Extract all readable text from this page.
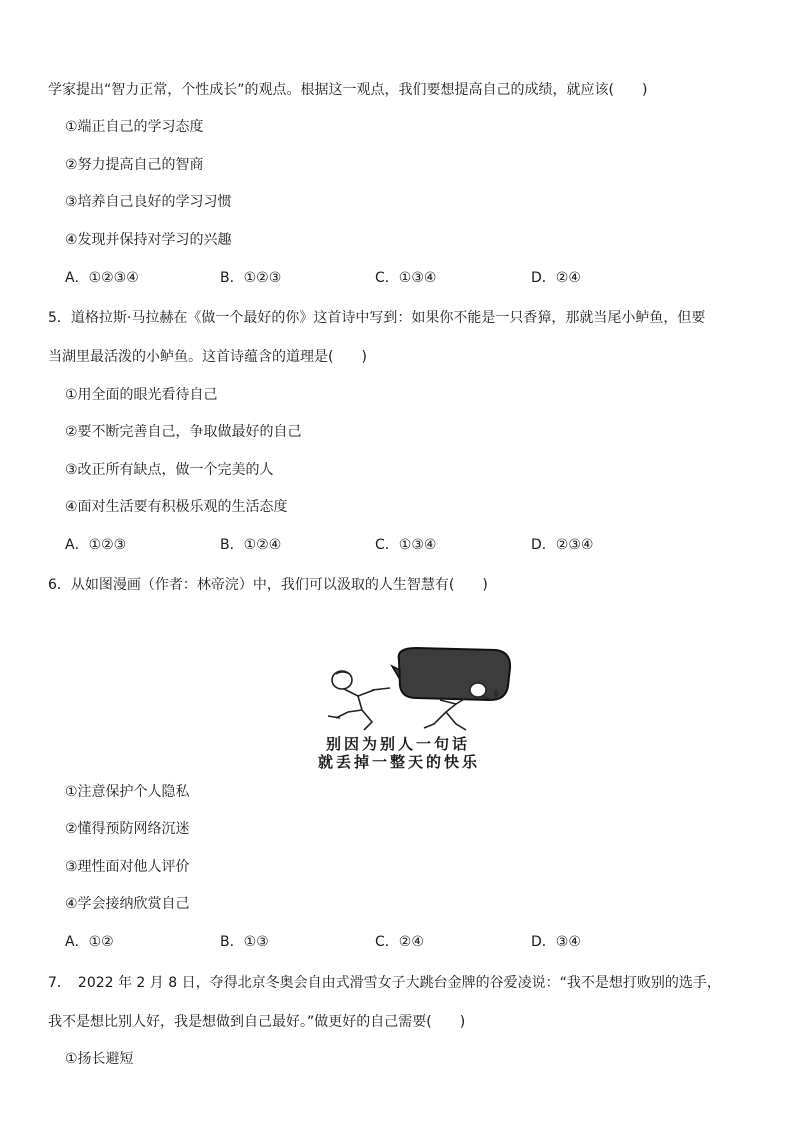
学家提出“智力正常，个性成长”的观点。根据这一观点，我们要想提高自己的成绩，就应该(　　)
①端正自己的学习态度
②努力提高自己的智商
③培养自己良好的学习习惯
④发现并保持对学习的兴趣
A．①②③④	B．①②③	C．①③④	D．②④
5．道格拉斯·马拉赫在《做一个最好的你》这首诗中写到：如果你不能是一只香獐，那就当尾小鲈鱼，但要
当湖里最活泼的小鲈鱼。这首诗蕴含的道理是(　　)
①用全面的眼光看待自己
②要不断完善自己，争取做最好的自己
③改正所有缺点，做一个完美的人
④面对生活要有积极乐观的生活态度
A．①②③	B．①②④	C．①③④	D．②③④
6．从如图漫画（作者：林帝浣）中，我们可以汲取的人生智慧有(　　)
别因为别人一句话
就丢掉一整天的快乐
①注意保护个人隐私
②懂得预防网络沉迷
③理性面对他人评价
④学会接纳欣赏自己
A．①②	B．①③	C．②④	D．③④
7．　2022 年 2 月 8 日，夺得北京冬奥会自由式滑雪女子大跳台金牌的谷爱凌说：“我不是想打败别的选手，
我不是想比别人好，我是想做到自己最好。”做更好的自己需要(　　)
①扬长避短
